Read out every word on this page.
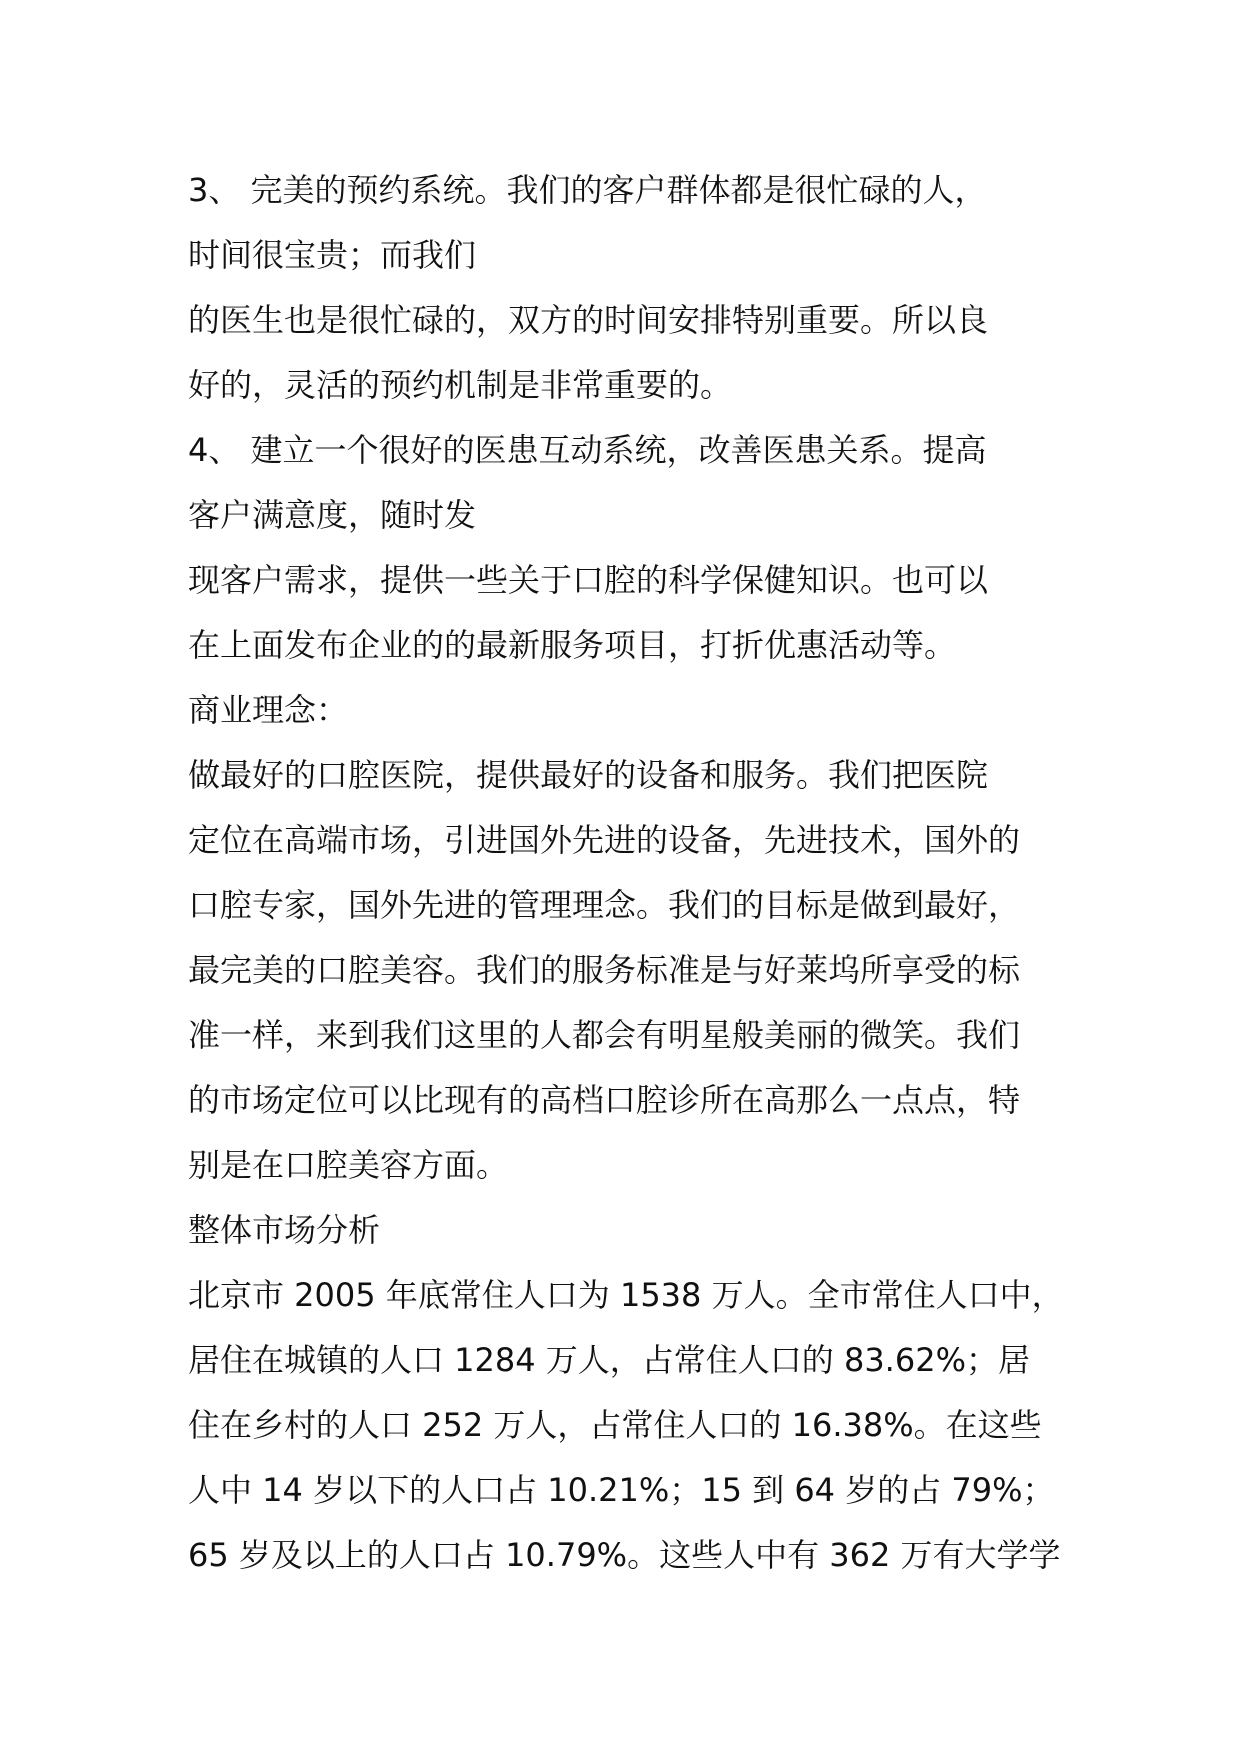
3、 完美的预约系统。我们的客户群体都是很忙碌的人，
时间很宝贵；而我们
的医生也是很忙碌的，双方的时间安排特别重要。所以良
好的，灵活的预约机制是非常重要的。
4、 建立一个很好的医患互动系统，改善医患关系。提高
客户满意度，随时发
现客户需求，提供一些关于口腔的科学保健知识。也可以
在上面发布企业的的最新服务项目，打折优惠活动等。
商业理念：
做最好的口腔医院，提供最好的设备和服务。我们把医院
定位在高端市场，引进国外先进的设备，先进技术，国外的
口腔专家，国外先进的管理理念。我们的目标是做到最好，
最完美的口腔美容。我们的服务标准是与好莱坞所享受的标
准一样，来到我们这里的人都会有明星般美丽的微笑。我们
的市场定位可以比现有的高档口腔诊所在高那么一点点，特
别是在口腔美容方面。
整体市场分析
北京市 2005 年底常住人口为 1538 万人。全市常住人口中，
居住在城镇的人口 1284 万人，占常住人口的 83.62%；居
住在乡村的人口 252 万人，占常住人口的 16.38%。在这些
人中 14 岁以下的人口占 10.21%；15 到 64 岁的占 79%；
65 岁及以上的人口占 10.79%。这些人中有 362 万有大学学
